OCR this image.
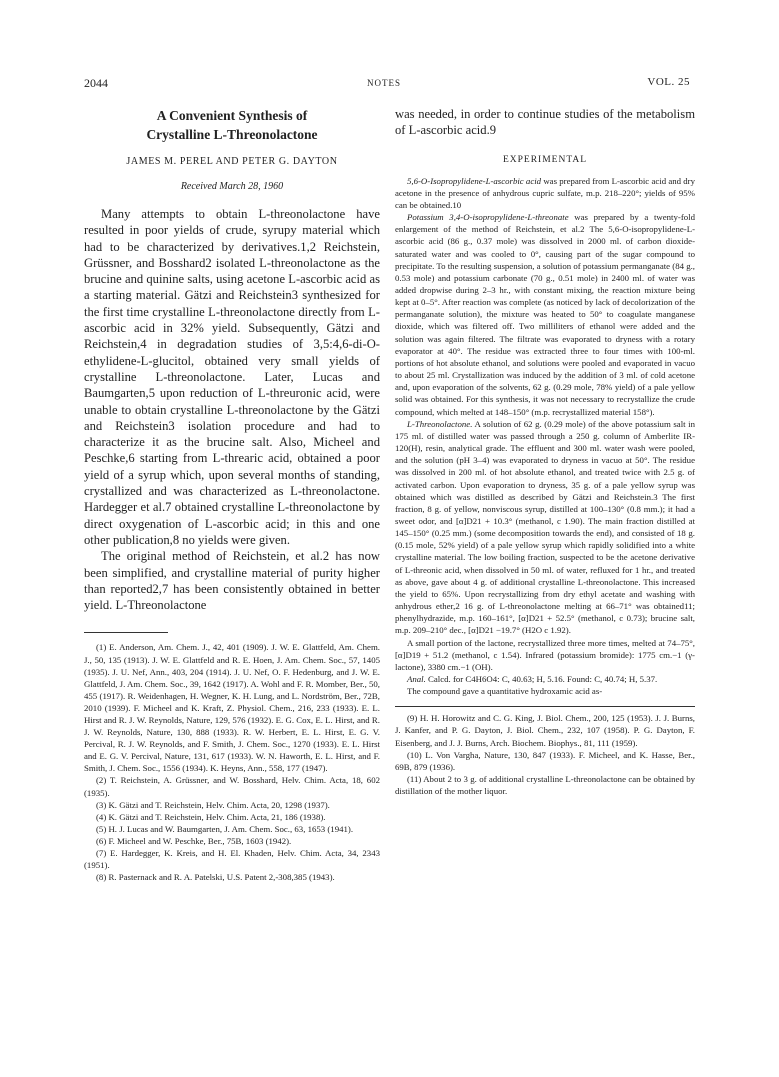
2044	NOTES	VOL. 25

A Convenient Synthesis of

Crystalline L-Threonolactone

JAMES M. PEREL AND PETER G. DAYTON
Received March 28, 1960

Many attempts to obtain L-threonolactone have resulted in poor yields of crude, syrupy material which had to be characterized by derivatives.1,2 Reichstein, Grüssner, and Bosshard2 isolated L-threonolactone as the brucine and quinine salts, using acetone L-ascorbic acid as a starting material. Gätzi and Reichstein3 synthesized for the first time crystalline L-threonolactone directly from L-ascorbic acid in 32% yield. Subsequently, Gätzi and Reichstein,4 in degradation studies of 3,5:4,6-di-O-ethylidene-L-glucitol, obtained very small yields of crystalline L-threonolactone. Later, Lucas and Baumgarten,5 upon reduction of L-threuronic acid, were unable to obtain crystalline L-threonolactone by the Gätzi and Reichstein3 isolation procedure and had to characterize it as the brucine salt. Also, Micheel and Peschke,6 starting from L-threaric acid, obtained a poor yield of a syrup which, upon several months of standing, crystallized and was characterized as L-threonolactone. Hardegger et al.7 obtained crystalline L-threonolactone by direct oxygenation of L-ascorbic acid; in this and one other publication,8 no yields were given.

The original method of Reichstein, et al.2 has now been simplified, and crystalline material of purity higher than reported2,7 has been consistently obtained in better yield. L-Threonolactone

(1) E. Anderson, Am. Chem. J., 42, 401 (1909). J. W. E. Glattfeld, Am. Chem. J., 50, 135 (1913). J. W. E. Glattfeld and R. E. Hoen, J. Am. Chem. Soc., 57, 1405 (1935). J. U. Nef, Ann., 403, 204 (1914). J. U. Nef, O. F. Hedenburg, and J. W. E. Glattfeld, J. Am. Chem. Soc., 39, 1642 (1917). A. Wohl and F. R. Momber, Ber., 50, 455 (1917). R. Weidenhagen, H. Wegner, K. H. Lung, and L. Nordström, Ber., 72B, 2010 (1939). F. Micheel and K. Kraft, Z. Physiol. Chem., 216, 233 (1933). E. L. Hirst and R. J. W. Reynolds, Nature, 129, 576 (1932). E. G. Cox, E. L. Hirst, and R. J. W. Reynolds, Nature, 130, 888 (1933). R. W. Herbert, E. L. Hirst, E. G. V. Percival, R. J. W. Reynolds, and F. Smith, J. Chem. Soc., 1270 (1933). E. L. Hirst and E. G. V. Percival, Nature, 131, 617 (1933). W. N. Haworth, E. L. Hirst, and F. Smith, J. Chem. Soc., 1556 (1934). K. Heyns, Ann., 558, 177 (1947).

(2) T. Reichstein, A. Grüssner, and W. Bosshard, Helv. Chim. Acta, 18, 602 (1935).

(3) K. Gätzi and T. Reichstein, Helv. Chim. Acta, 20, 1298 (1937).

(4) K. Gätzi and T. Reichstein, Helv. Chim. Acta, 21, 186 (1938).

(5) H. J. Lucas and W. Baumgarten, J. Am. Chem. Soc., 63, 1653 (1941).

(6) F. Micheel and W. Peschke, Ber., 75B, 1603 (1942).

(7) E. Hardegger, K. Kreis, and H. El. Khaden, Helv. Chim. Acta, 34, 2343 (1951).

(8) R. Pasternack and R. A. Patelski, U.S. Patent 2,-308,385 (1943).

was needed, in order to continue studies of the metabolism of L-ascorbic acid.9

EXPERIMENTAL

5,6-O-Isopropylidene-L-ascorbic acid was prepared from L-ascorbic acid and dry acetone in the presence of anhydrous cupric sulfate, m.p. 218–220°; yields of 95% can be obtained.10

Potassium 3,4-O-isopropylidene-L-threonate was prepared by a twenty-fold enlargement of the method of Reichstein, et al.2 The 5,6-O-isopropylidene-L-ascorbic acid (86 g., 0.37 mole) was dissolved in 2000 ml. of carbon dioxide-saturated water and was cooled to 0°, causing part of the sugar compound to precipitate. To the resulting suspension, a solution of potassium permanganate (84 g., 0.53 mole) and potassium carbonate (70 g., 0.51 mole) in 2400 ml. of water was added dropwise during 2–3 hr., with constant mixing, the reaction mixture being kept at 0–5°. After reaction was complete (as noticed by lack of decolorization of the permanganate solution), the mixture was heated to 50° to coagulate manganese dioxide, which was filtered off. Two milliliters of ethanol were added and the solution was again filtered. The filtrate was evaporated to dryness with a rotary evaporator at 40°. The residue was extracted three to four times with 100-ml. portions of hot absolute ethanol, and solutions were pooled and evaporated in vacuo to about 25 ml. Crystallization was induced by the addition of 3 ml. of cold acetone and, upon evaporation of the solvents, 62 g. (0.29 mole, 78% yield) of a pale yellow solid was obtained. For this synthesis, it was not necessary to recrystallize the crude compound, which melted at 148–150° (m.p. recrystallized material 158°).

L-Threonolactone. A solution of 62 g. (0.29 mole) of the above potassium salt in 175 ml. of distilled water was passed through a 250 g. column of Amberlite IR-120(H), resin, analytical grade. The effluent and 300 ml. water wash were pooled, and the solution (pH 3–4) was evaporated to dryness in vacuo at 50°. The residue was dissolved in 200 ml. of hot absolute ethanol, and treated twice with 2.5 g. of activated carbon. Upon evaporation to dryness, 35 g. of a pale yellow syrup was obtained which was distilled as described by Gätzi and Reichstein.3 The first fraction, 8 g. of yellow, nonviscous syrup, distilled at 100–130° (0.8 mm.); it had a sweet odor, and [α]D21 + 10.3° (methanol, c 1.90). The main fraction distilled at 145–150° (0.25 mm.) (some decomposition towards the end), and consisted of 18 g. (0.15 mole, 52% yield) of a pale yellow syrup which rapidly solidified into a white crystalline material. The low boiling fraction, suspected to be the acetone derivative of L-threonic acid, when dissolved in 50 ml. of water, refluxed for 1 hr., and treated as above, gave about 4 g. of additional crystalline L-threonolactone. This increased the yield to 65%. Upon recrystallizing from dry ethyl acetate and washing with anhydrous ether,2 16 g. of L-threonolactone melting at 66–71° was obtained11; phenylhydrazide, m.p. 160–161°, [α]D21 + 52.5° (methanol, c 0.73); brucine salt, m.p. 209–210° dec., [α]D21 −19.7° (H2O c 1.92).

A small portion of the lactone, recrystallized three more times, melted at 74–75°, [α]D19 + 51.2 (methanol, c 1.54). Infrared (potassium bromide): 1775 cm.−1 (γ-lactone), 3380 cm.−1 (OH).

Anal. Calcd. for C4H6O4: C, 40.63; H, 5.16. Found: C, 40.74; H, 5.37.

The compound gave a quantitative hydroxamic acid as-

(9) H. H. Horowitz and C. G. King, J. Biol. Chem., 200, 125 (1953). J. J. Burns, J. Kanfer, and P. G. Dayton, J. Biol. Chem., 232, 107 (1958). P. G. Dayton, F. Eisenberg, and J. J. Burns, Arch. Biochem. Biophys., 81, 111 (1959).

(10) L. Von Vargha, Nature, 130, 847 (1933). F. Micheel, and K. Hasse, Ber., 69B, 879 (1936).

(11) About 2 to 3 g. of additional crystalline L-threonolactone can be obtained by distillation of the mother liquor.
